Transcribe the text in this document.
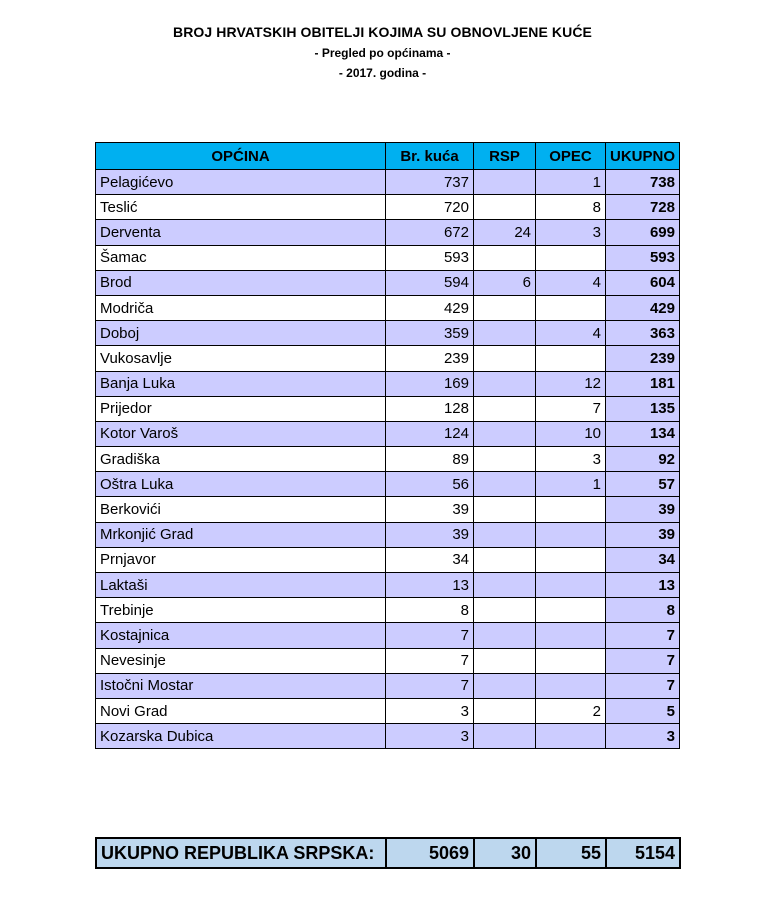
BROJ HRVATSKIH OBITELJI KOJIMA SU OBNOVLJENE KUĆE
- Pregled po općinama -
- 2017. godina -
OPĆINA	Br. kuća	RSP	OPEC	UKUPNO
Pelagićevo	737		1	738
Teslić	720		8	728
Derventa	672	24	3	699
Šamac	593			593
Brod	594	6	4	604
Modriča	429			429
Doboj	359		4	363
Vukosavlje	239			239
Banja Luka	169		12	181
Prijedor	128		7	135
Kotor Varoš	124		10	134
Gradiška	89		3	92
Oštra Luka	56		1	57
Berkovići	39			39
Mrkonjić Grad	39			39
Prnjavor	34			34
Laktaši	13			13
Trebinje	8			8
Kostajnica	7			7
Nevesinje	7			7
Istočni Mostar	7			7
Novi Grad	3		2	5
Kozarska Dubica	3			3
UKUPNO REPUBLIKA SRPSKA:	5069	30	55	5154
